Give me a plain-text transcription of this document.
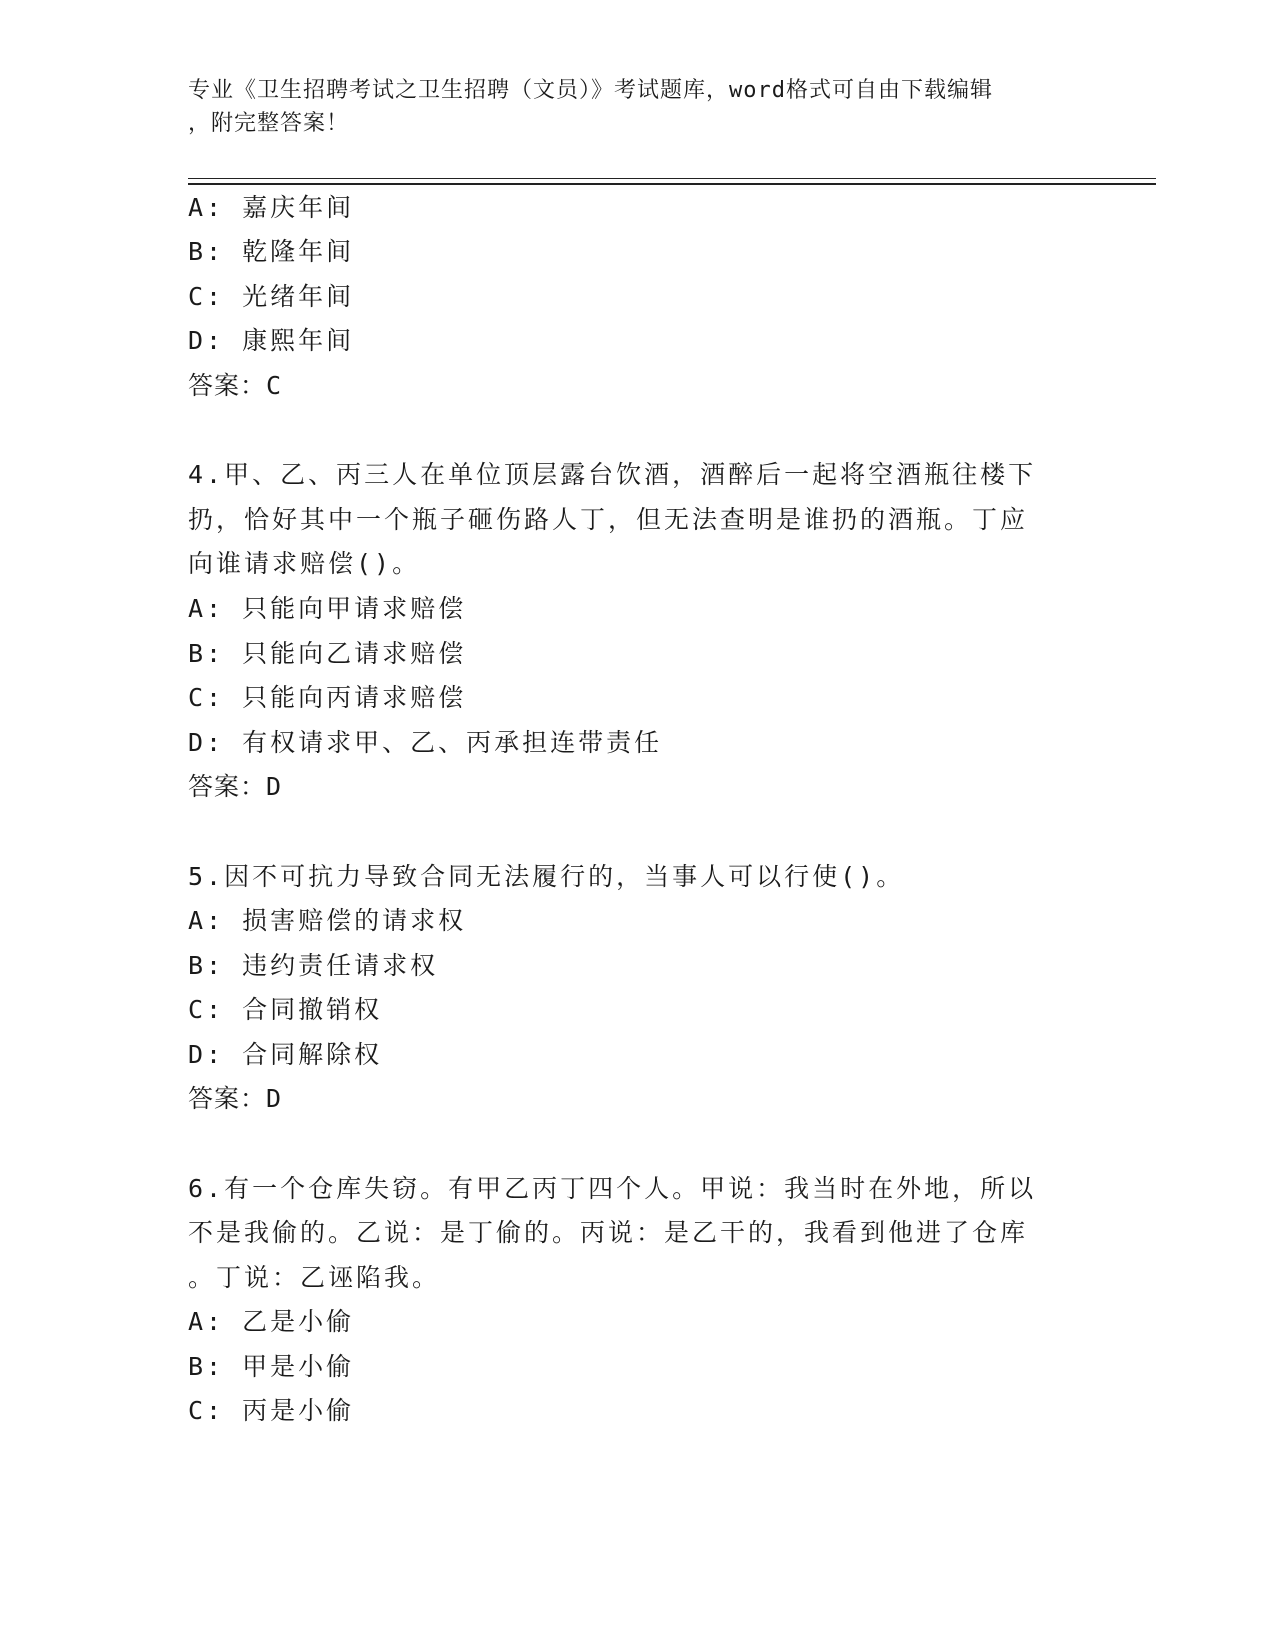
专业《卫生招聘考试之卫生招聘（文员）》考试题库，word格式可自由下载编辑
，附完整答案！
A: 嘉庆年间
B: 乾隆年间
C: 光绪年间
D: 康熙年间
答案：C
4.甲、乙、丙三人在单位顶层露台饮酒，酒醉后一起将空酒瓶往楼下
扔，恰好其中一个瓶子砸伤路人丁，但无法查明是谁扔的酒瓶。丁应
向谁请求赔偿()。
A: 只能向甲请求赔偿
B: 只能向乙请求赔偿
C: 只能向丙请求赔偿
D: 有权请求甲、乙、丙承担连带责任
答案：D
5.因不可抗力导致合同无法履行的，当事人可以行使()。
A: 损害赔偿的请求权
B: 违约责任请求权
C: 合同撤销权
D: 合同解除权
答案：D
6.有一个仓库失窃。有甲乙丙丁四个人。甲说：我当时在外地，所以
不是我偷的。乙说：是丁偷的。丙说：是乙干的，我看到他进了仓库
。丁说：乙诬陷我。
A: 乙是小偷
B: 甲是小偷
C: 丙是小偷
